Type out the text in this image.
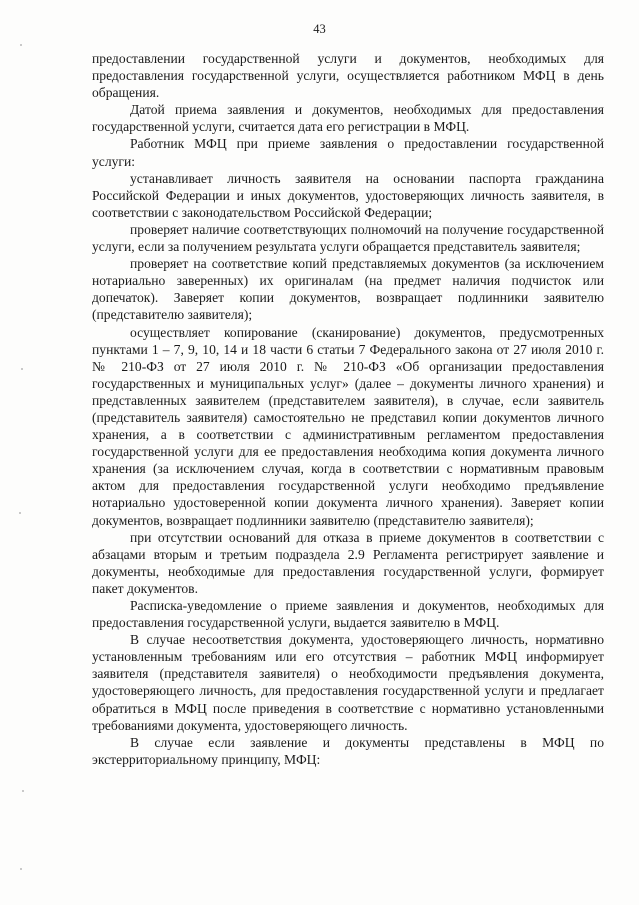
43

предоставлении государственной услуги и документов, необходимых для предоставления государственной услуги, осуществляется работником МФЦ в день обращения.

Датой приема заявления и документов, необходимых для предоставления государственной услуги, считается дата его регистрации в МФЦ.

Работник МФЦ при приеме заявления о предоставлении государственной услуги:

устанавливает личность заявителя на основании паспорта гражданина Российской Федерации и иных документов, удостоверяющих личность заявителя, в соответствии с законодательством Российской Федерации;

проверяет наличие соответствующих полномочий на получение государственной услуги, если за получением результата услуги обращается представитель заявителя;

проверяет на соответствие копий представляемых документов (за исключением нотариально заверенных) их оригиналам (на предмет наличия подчисток или допечаток). Заверяет копии документов, возвращает подлинники заявителю (представителю заявителя);

осуществляет копирование (сканирование) документов, предусмотренных пунктами 1 – 7, 9, 10, 14 и 18 части 6 статьи 7 Федерального закона от 27 июля 2010 г. № 210-ФЗ от 27 июля 2010 г. № 210-ФЗ «Об организации предоставления государственных и муниципальных услуг» (далее – документы личного хранения) и представленных заявителем (представителем заявителя), в случае, если заявитель (представитель заявителя) самостоятельно не представил копии документов личного хранения, а в соответствии с административным регламентом предоставления государственной услуги для ее предоставления необходима копия документа личного хранения (за исключением случая, когда в соответствии с нормативным правовым актом для предоставления государственной услуги необходимо предъявление нотариально удостоверенной копии документа личного хранения). Заверяет копии документов, возвращает подлинники заявителю (представителю заявителя);

при отсутствии оснований для отказа в приеме документов в соответствии с абзацами вторым и третьим подраздела 2.9 Регламента регистрирует заявление и документы, необходимые для предоставления государственной услуги, формирует пакет документов.

Расписка-уведомление о приеме заявления и документов, необходимых для предоставления государственной услуги, выдается заявителю в МФЦ.

В случае несоответствия документа, удостоверяющего личность, нормативно установленным требованиям или его отсутствия – работник МФЦ информирует заявителя (представителя заявителя) о необходимости предъявления документа, удостоверяющего личность, для предоставления государственной услуги и предлагает обратиться в МФЦ после приведения в соответствие с нормативно установленными требованиями документа, удостоверяющего личность.

В случае если заявление и документы представлены в МФЦ по экстерриториальному принципу, МФЦ:
